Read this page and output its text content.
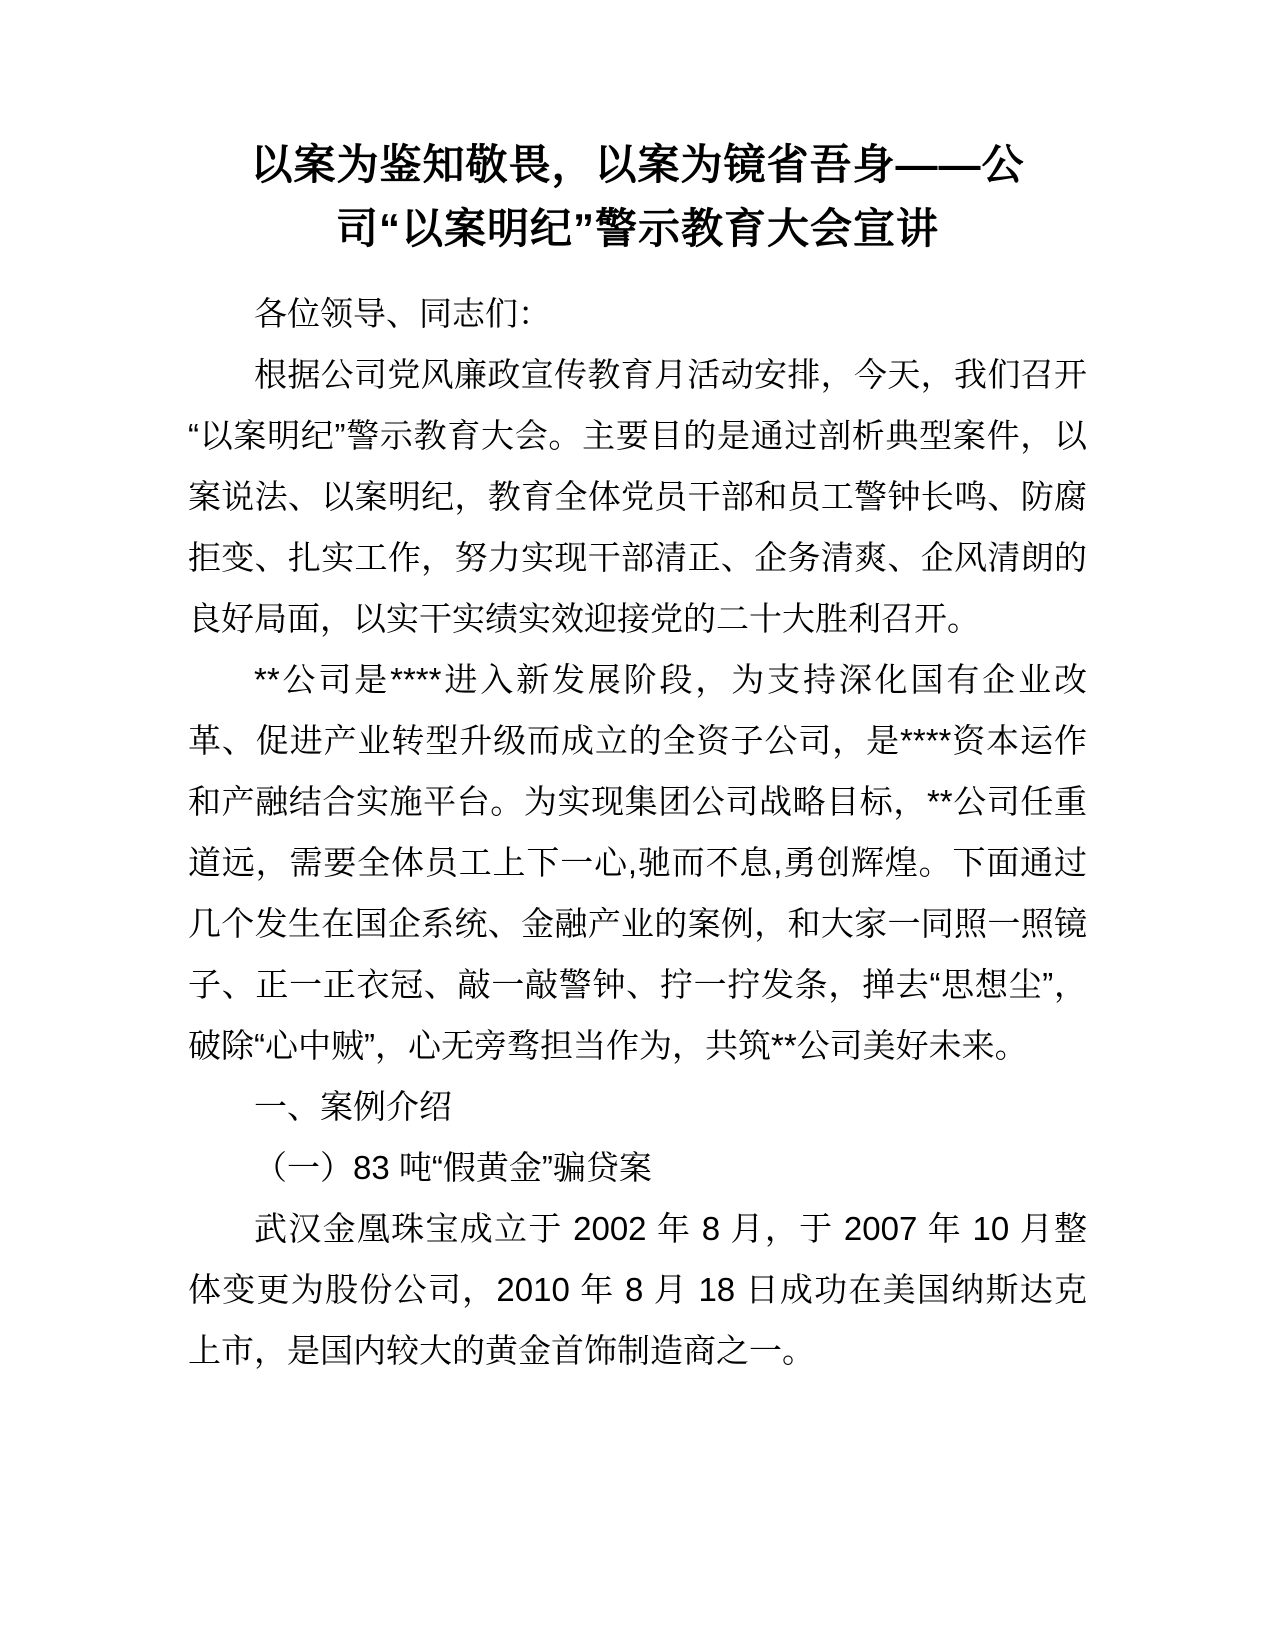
以案为鉴知敬畏，以案为镜省吾身——公司“以案明纪”警示教育大会宣讲

各位领导、同志们：

根据公司党风廉政宣传教育月活动安排，今天，我们召开“以案明纪”警示教育大会。主要目的是通过剖析典型案件，以案说法、以案明纪，教育全体党员干部和员工警钟长鸣、防腐拒变、扎实工作，努力实现干部清正、企务清爽、企风清朗的良好局面，以实干实绩实效迎接党的二十大胜利召开。

**公司是****进入新发展阶段，为支持深化国有企业改革、促进产业转型升级而成立的全资子公司，是****资本运作和产融结合实施平台。为实现集团公司战略目标，**公司任重道远，需要全体员工上下一心,驰而不息,勇创辉煌。下面通过几个发生在国企系统、金融产业的案例，和大家一同照一照镜子、正一正衣冠、敲一敲警钟、拧一拧发条，掸去“思想尘”，破除“心中贼”，心无旁骛担当作为，共筑**公司美好未来。

一、案例介绍

（一）83 吨“假黄金”骗贷案

武汉金凰珠宝成立于 2002 年 8 月，于 2007 年 10 月整体变更为股份公司，2010 年 8 月 18 日成功在美国纳斯达克上市，是国内较大的黄金首饰制造商之一。
